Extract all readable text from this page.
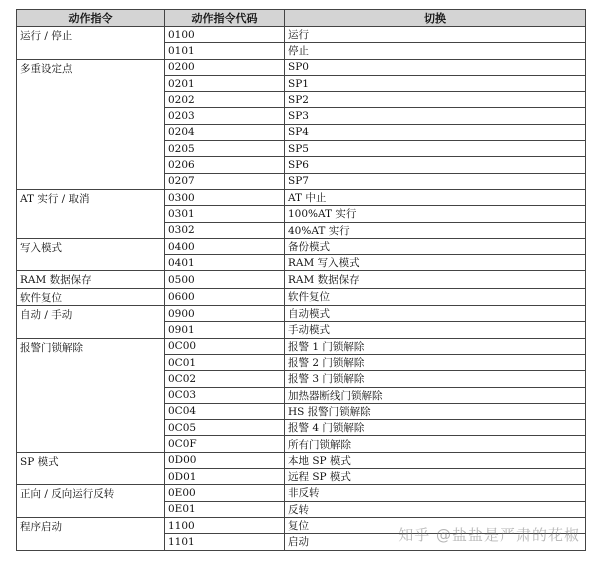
动作指令	动作指令代码	切换
运行 / 停止	0100	运行
	0101	停止
多重设定点	0200	SP0
	0201	SP1
	0202	SP2
	0203	SP3
	0204	SP4
	0205	SP5
	0206	SP6
	0207	SP7
AT 实行 / 取消	0300	AT 中止
	0301	100%AT 实行
	0302	40%AT 实行
写入模式	0400	备份模式
	0401	RAM 写入模式
RAM 数据保存	0500	RAM 数据保存
软件复位	0600	软件复位
自动 / 手动	0900	自动模式
	0901	手动模式
报警门锁解除	0C00	报警 1 门锁解除
	0C01	报警 2 门锁解除
	0C02	报警 3 门锁解除
	0C03	加热器断线门锁解除
	0C04	HS 报警门锁解除
	0C05	报警 4 门锁解除
	0C0F	所有门锁解除
SP 模式	0D00	本地 SP 模式
	0D01	远程 SP 模式
正向 / 反向运行反转	0E00	非反转
	0E01	反转
程序启动	1100	复位
	1101	启动	知乎 @盐盐是严肃的花椒
